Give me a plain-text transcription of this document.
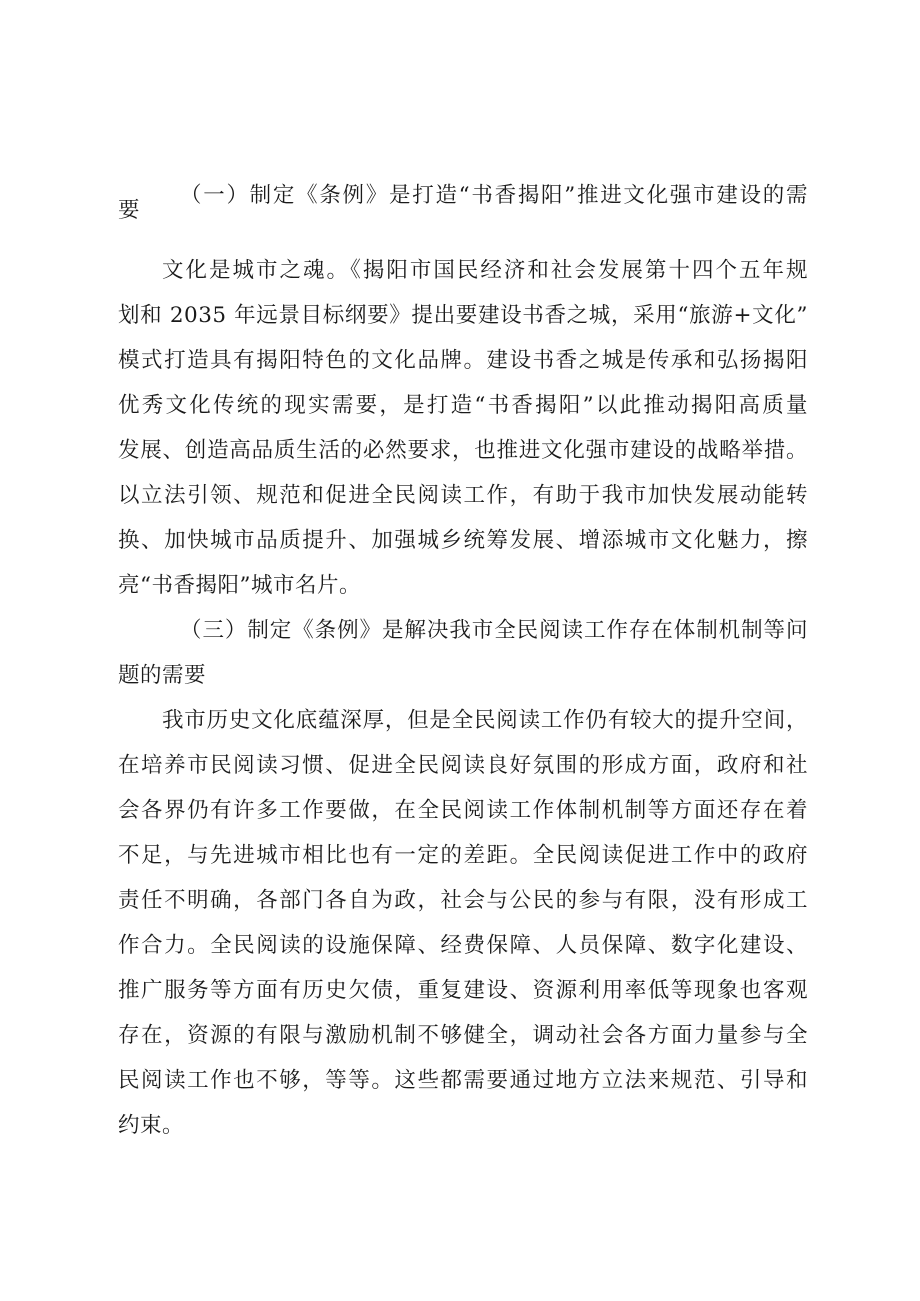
（一）制定《条例》是打造“书香揭阳”推进文化强市建设的需
要
文化是城市之魂。《揭阳市国民经济和社会发展第十四个五年规
划和 2035 年远景目标纲要》提出要建设书香之城，采用“旅游+文化”
模式打造具有揭阳特色的文化品牌。建设书香之城是传承和弘扬揭阳
优秀文化传统的现实需要，是打造“书香揭阳”以此推动揭阳高质量
发展、创造高品质生活的必然要求，也推进文化强市建设的战略举措。
以立法引领、规范和促进全民阅读工作，有助于我市加快发展动能转
换、加快城市品质提升、加强城乡统筹发展、增添城市文化魅力，擦
亮“书香揭阳”城市名片。
（三）制定《条例》是解决我市全民阅读工作存在体制机制等问
题的需要
我市历史文化底蕴深厚，但是全民阅读工作仍有较大的提升空间，
在培养市民阅读习惯、促进全民阅读良好氛围的形成方面，政府和社
会各界仍有许多工作要做，在全民阅读工作体制机制等方面还存在着
不足，与先进城市相比也有一定的差距。全民阅读促进工作中的政府
责任不明确，各部门各自为政，社会与公民的参与有限，没有形成工
作合力。全民阅读的设施保障、经费保障、人员保障、数字化建设、
推广服务等方面有历史欠债，重复建设、资源利用率低等现象也客观
存在，资源的有限与激励机制不够健全，调动社会各方面力量参与全
民阅读工作也不够，等等。这些都需要通过地方立法来规范、引导和
约束。
